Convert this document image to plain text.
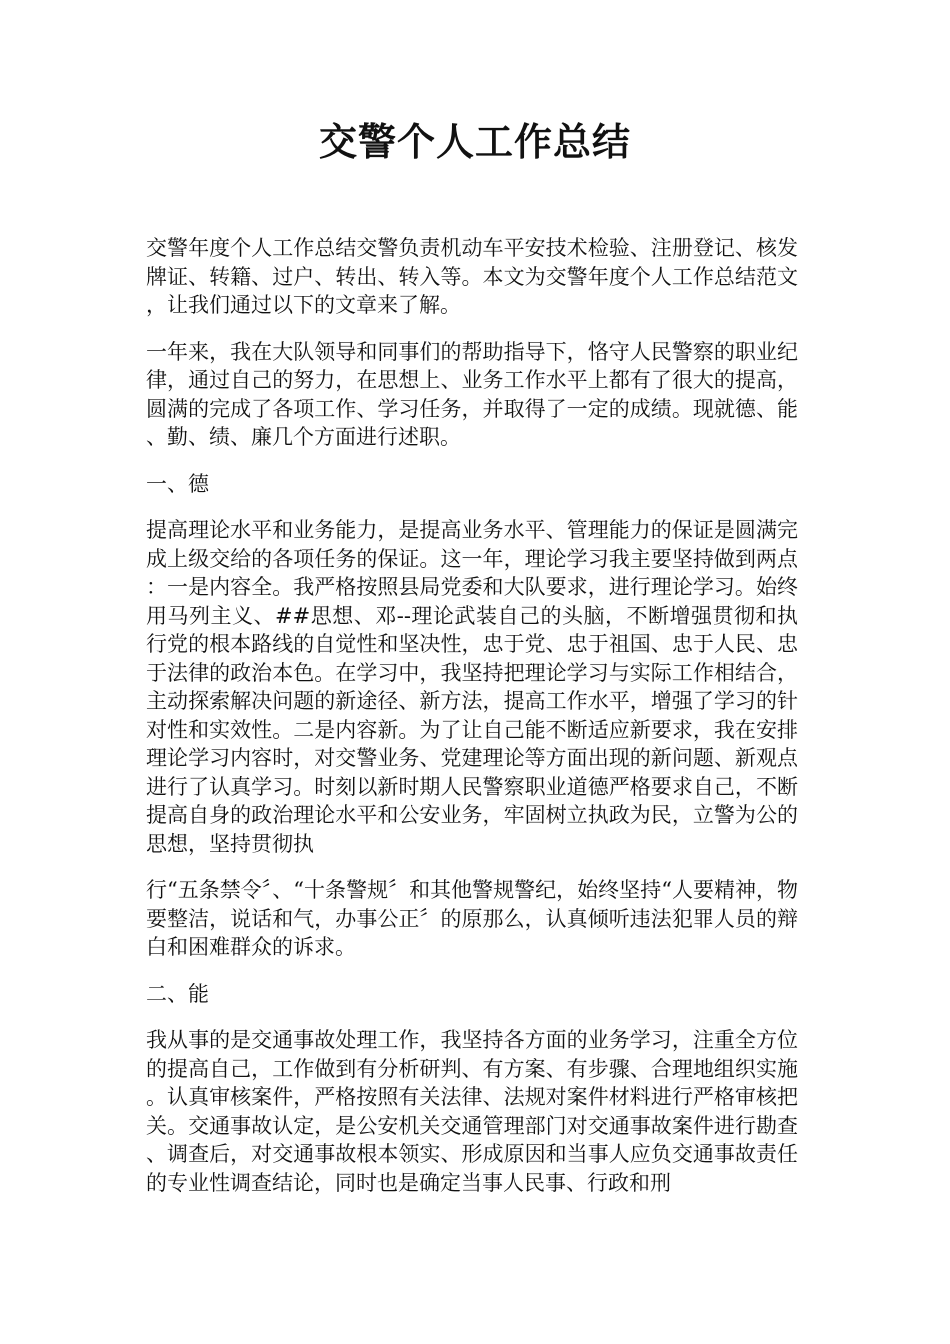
交警个人工作总结

交警年度个人工作总结交警负责机动车平安技术检验、注册登记、核发牌证、转籍、过户、转出、转入等。本文为交警年度个人工作总结范文，让我们通过以下的文章来了解。

一年来，我在大队领导和同事们的帮助指导下，恪守人民警察的职业纪律，通过自己的努力，在思想上、业务工作水平上都有了很大的提高，圆满的完成了各项工作、学习任务，并取得了一定的成绩。现就德、能、勤、绩、廉几个方面进行述职。

一、德

提高理论水平和业务能力，是提高业务水平、管理能力的保证是圆满完成上级交给的各项任务的保证。这一年，理论学习我主要坚持做到两点：一是内容全。我严格按照县局党委和大队要求，进行理论学习。始终用马列主义、##思想、邓--理论武装自己的头脑，不断增强贯彻和执行党的根本路线的自觉性和坚决性，忠于党、忠于祖国、忠于人民、忠于法律的政治本色。在学习中，我坚持把理论学习与实际工作相结合，主动探索解决问题的新途径、新方法，提高工作水平，增强了学习的针对性和实效性。二是内容新。为了让自己能不断适应新要求，我在安排理论学习内容时，对交警业务、党建理论等方面出现的新问题、新观点进行了认真学习。时刻以新时期人民警察职业道德严格要求自己，不断提高自身的政治理论水平和公安业务，牢固树立执政为民，立警为公的思想，坚持贯彻执

行“五条禁令〞、“十条警规〞和其他警规警纪，始终坚持“人要精神，物要整洁，说话和气，办事公正〞的原那么，认真倾听违法犯罪人员的辩白和困难群众的诉求。

二、能

我从事的是交通事故处理工作，我坚持各方面的业务学习，注重全方位的提高自己，工作做到有分析研判、有方案、有步骤、合理地组织实施。认真审核案件，严格按照有关法律、法规对案件材料进行严格审核把关。交通事故认定，是公安机关交通管理部门对交通事故案件进行勘查、调查后，对交通事故根本领实、形成原因和当事人应负交通事故责任的专业性调查结论，同时也是确定当事人民事、行政和刑
